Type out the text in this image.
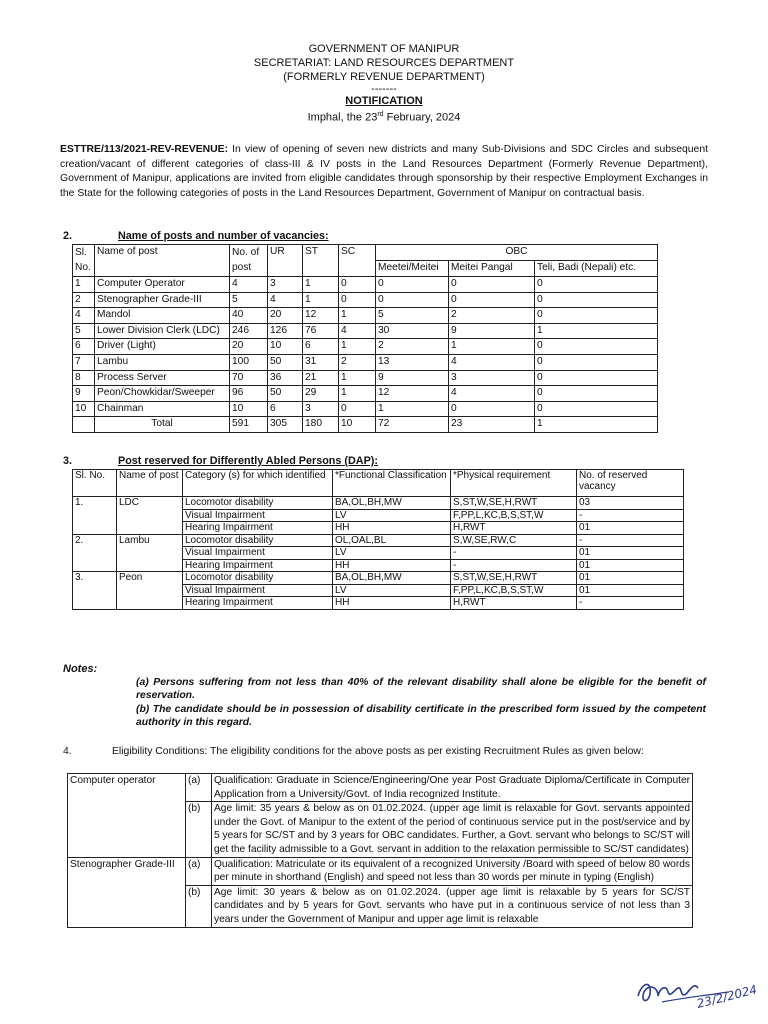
GOVERNMENT OF MANIPUR
SECRETARIAT: LAND RESOURCES DEPARTMENT
(FORMERLY REVENUE DEPARTMENT)
-------
NOTIFICATION
Imphal, the 23rd February, 2024
ESTTRE/113/2021-REV-REVENUE: In view of opening of seven new districts and many Sub-Divisions and SDC Circles and subsequent creation/vacant of different categories of class-III & IV posts in the Land Resources Department (Formerly Revenue Department), Government of Manipur, applications are invited from eligible candidates through sponsorship by their respective Employment Exchanges in the State for the following categories of posts in the Land Resources Department, Government of Manipur on contractual basis.
2.	Name of posts and number of vacancies:
Sl. No.	Name of post	No. of post	UR	ST	SC	OBC		
						Meetei/Meitei	Meitei Pangal	Teli, Badi (Nepali) etc.
1	Computer Operator	4	3	1	0	0	0	0
2	Stenographer Grade-III	5	4	1	0	0	0	0
4	Mandol	40	20	12	1	5	2	0
5	Lower Division Clerk (LDC)	246	126	76	4	30	9	1
6	Driver (Light)	20	10	6	1	2	1	0
7	Lambu	100	50	31	2	13	4	0
8	Process Server	70	36	21	1	9	3	0
9	Peon/Chowkidar/Sweeper	96	50	29	1	12	4	0
10	Chainman	10	6	3	0	1	0	0
	Total	591	305	180	10	72	23	1
3.	Post reserved for Differently Abled Persons (DAP):
Sl. No.	Name of post	Category (s) for which identified	*Functional Classification	*Physical requirement	No. of reserved vacancy
1.	LDC	Locomotor disability	BA,OL,BH,MW	S,ST,W,SE,H,RWT	03
		Visual Impairment	LV	F,PP,L,KC,B,S,ST,W	-
		Hearing Impairment	HH	H,RWT	01
2.	Lambu	Locomotor disability	OL,OAL,BL	S,W,SE,RW,C	-
		Visual Impairment	LV	-	01
		Hearing Impairment	HH	-	01
3.	Peon	Locomotor disability	BA,OL,BH,MW	S,ST,W,SE,H,RWT	01
		Visual Impairment	LV	F,PP,L,KC,B,S,ST,W	01
		Hearing Impairment	HH	H,RWT	-
Notes:

(a) Persons suffering from not less than 40% of the relevant disability shall alone be eligible for the benefit of reservation.

(b) The candidate should be in possession of disability certificate in the prescribed form issued by the competent authority in this regard.

4.	Eligibility Conditions: The eligibility conditions for the above posts as per existing Recruitment Rules as given below:
Computer operator	(a)	Qualification: Graduate in Science/Engineering/One year Post Graduate Diploma/Certificate in Computer Application from a University/Govt. of India recognized Institute.
	(b)	Age limit: 35 years & below as on 01.02.2024. (upper age limit is relaxable for Govt. servants appointed under the Govt. of Manipur to the extent of the period of continuous service put in the post/service and by 5 years for SC/ST and by 3 years for OBC candidates. Further, a Govt. servant who belongs to SC/ST will get the facility admissible to a Govt. servant in addition to the relaxation permissible to SC/ST candidates)
Stenographer Grade-III	(a)	Qualification: Matriculate or its equivalent of a recognized University /Board with speed of below 80 words per minute in shorthand (English) and speed not less than 30 words per minute in typing (English)
	(b)	Age limit: 30 years & below as on 01.02.2024. (upper age limit is relaxable by 5 years for SC/ST candidates and by 5 years for Govt. servants who have put in a continuous service of not less than 3 years under the Government of Manipur and upper age limit is relaxable
23/2/2024
